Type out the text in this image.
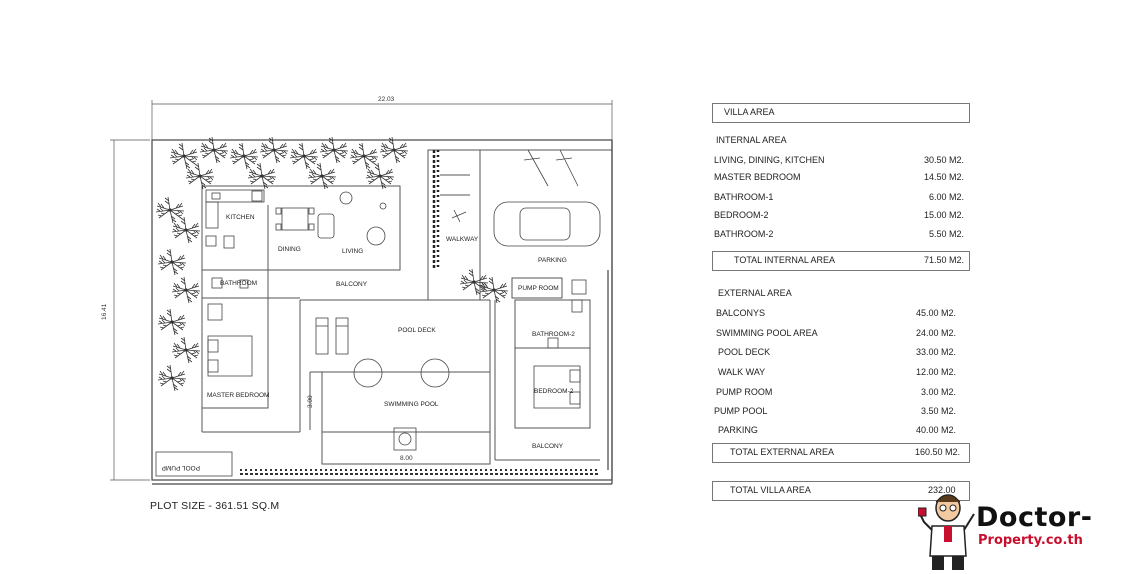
22.03
16.41
KITCHEN
DINING	LIVING
WALKWAY
PARKING
BATHROOM	BALCONY
PUMP ROOM
POOL DECK
BATHROOM-2
MASTER BEDROOM
BEDROOM-2
SWIMMING POOL
BALCONY
POOL PUMP
8.00
3.00
PLOT SIZE - 361.51 SQ.M
VILLA AREA
INTERNAL AREA
LIVING, DINING, KITCHEN	30.50 M2.
MASTER BEDROOM	14.50 M2.
BATHROOM-1	6.00 M2.
BEDROOM-2	15.00 M2.
BATHROOM-2	5.50 M2.
TOTAL INTERNAL AREA	71.50 M2.
EXTERNAL AREA
BALCONYS	45.00 M2.
SWIMMING POOL AREA	24.00 M2.
POOL DECK	33.00 M2.
WALK WAY	12.00 M2.
PUMP ROOM	3.00 M2.
PUMP POOL	3.50 M2.
PARKING	40.00 M2.
TOTAL EXTERNAL AREA	160.50 M2.
TOTAL VILLA AREA	232.00
Doctor-
Property.co.th
